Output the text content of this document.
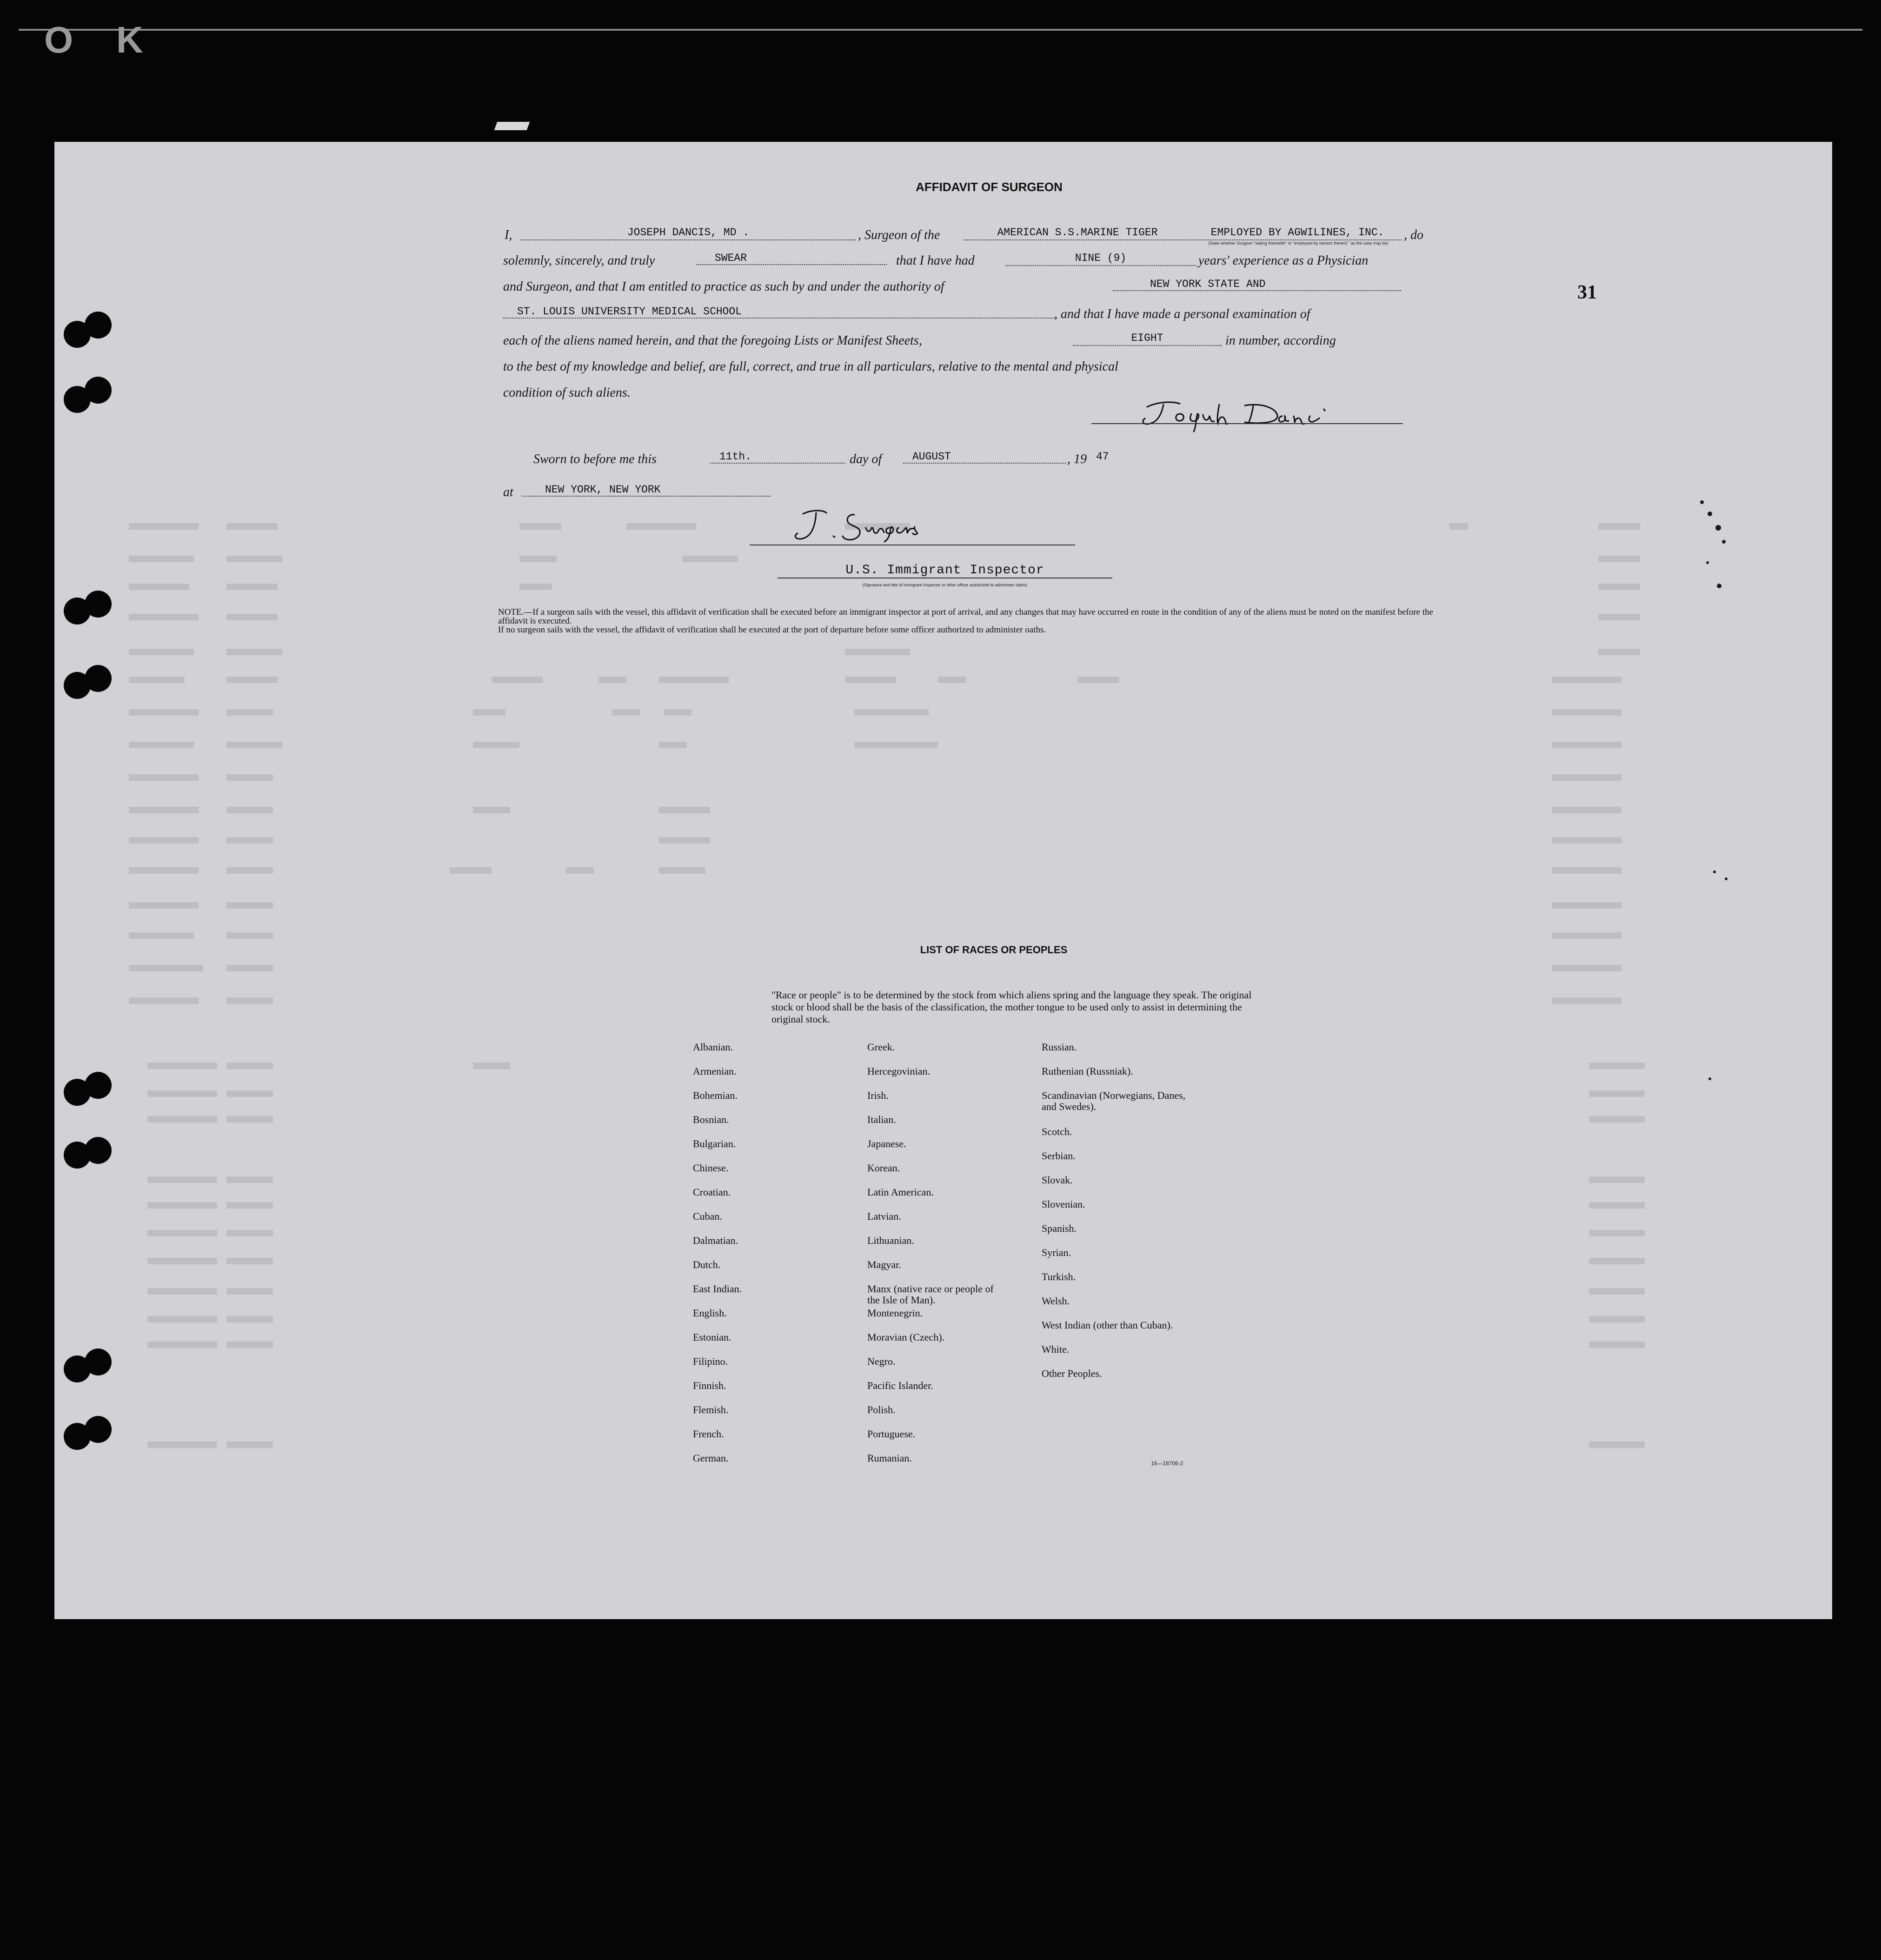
O K
AFFIDAVIT OF SURGEON
31
I,	JOSEPH DANCIS, MD .	, Surgeon of the	AMERICAN S.S.MARINE TIGER	EMPLOYED BY AGWILINES, INC.	, do
(State whether Surgeon "sailing therewith" or "employed by owners thereof," as the case may be)
solemnly, sincerely, and truly	SWEAR	that I have had	NINE (9)	years' experience as a Physician
and Surgeon, and that I am entitled to practice as such by and under the authority of	NEW YORK STATE AND
ST. LOUIS UNIVERSITY MEDICAL SCHOOL	, and that I have made a personal examination of
each of the aliens named herein, and that the foregoing Lists or Manifest Sheets,	EIGHT	in number, according
to the best of my knowledge and belief, are full, correct, and true in all particulars, relative to the mental and physical
condition of such aliens.
Sworn to before me this	11th.	day of	AUGUST	, 19 47
at	NEW YORK, NEW YORK
U.S. Immigrant Inspector
(Signature and title of Immigrant Inspector or other officer authorized to administer oaths)

NOTE.—If a surgeon sails with the vessel, this affidavit of verification shall be executed before an immigrant inspector at port of arrival, and any changes that may have occurred en route in the condition of any of the aliens must be noted on the manifest before the affidavit is executed.

If no surgeon sails with the vessel, the affidavit of verification shall be executed at the port of departure before some officer authorized to administer oaths.

LIST OF RACES OR PEOPLES
"Race or people" is to be determined by the stock from which aliens spring and the language they speak. The original stock or blood shall be the basis of the classification, the mother tongue to be used only to assist in determining the original stock.
Albanian.
Armenian.
Bohemian.
Bosnian.
Bulgarian.
Chinese.
Croatian.
Cuban.
Dalmatian.
Dutch.
East Indian.
English.
Estonian.
Filipino.
Finnish.
Flemish.
French.
German.
Greek.
Hercegovinian.
Irish.
Italian.
Japanese.
Korean.
Latin American.
Latvian.
Lithuanian.
Magyar.
Manx (native race or people of the Isle of Man).
Montenegrin.
Moravian (Czech).
Negro.
Pacific Islander.
Polish.
Portuguese.
Rumanian.
Russian.
Ruthenian (Russniak).
Scandinavian (Norwegians, Danes, and Swedes).
Scotch.
Serbian.
Slovak.
Slovenian.
Spanish.
Syrian.
Turkish.
Welsh.
West Indian (other than Cuban).
White.
Other Peoples.
16—18706-2
